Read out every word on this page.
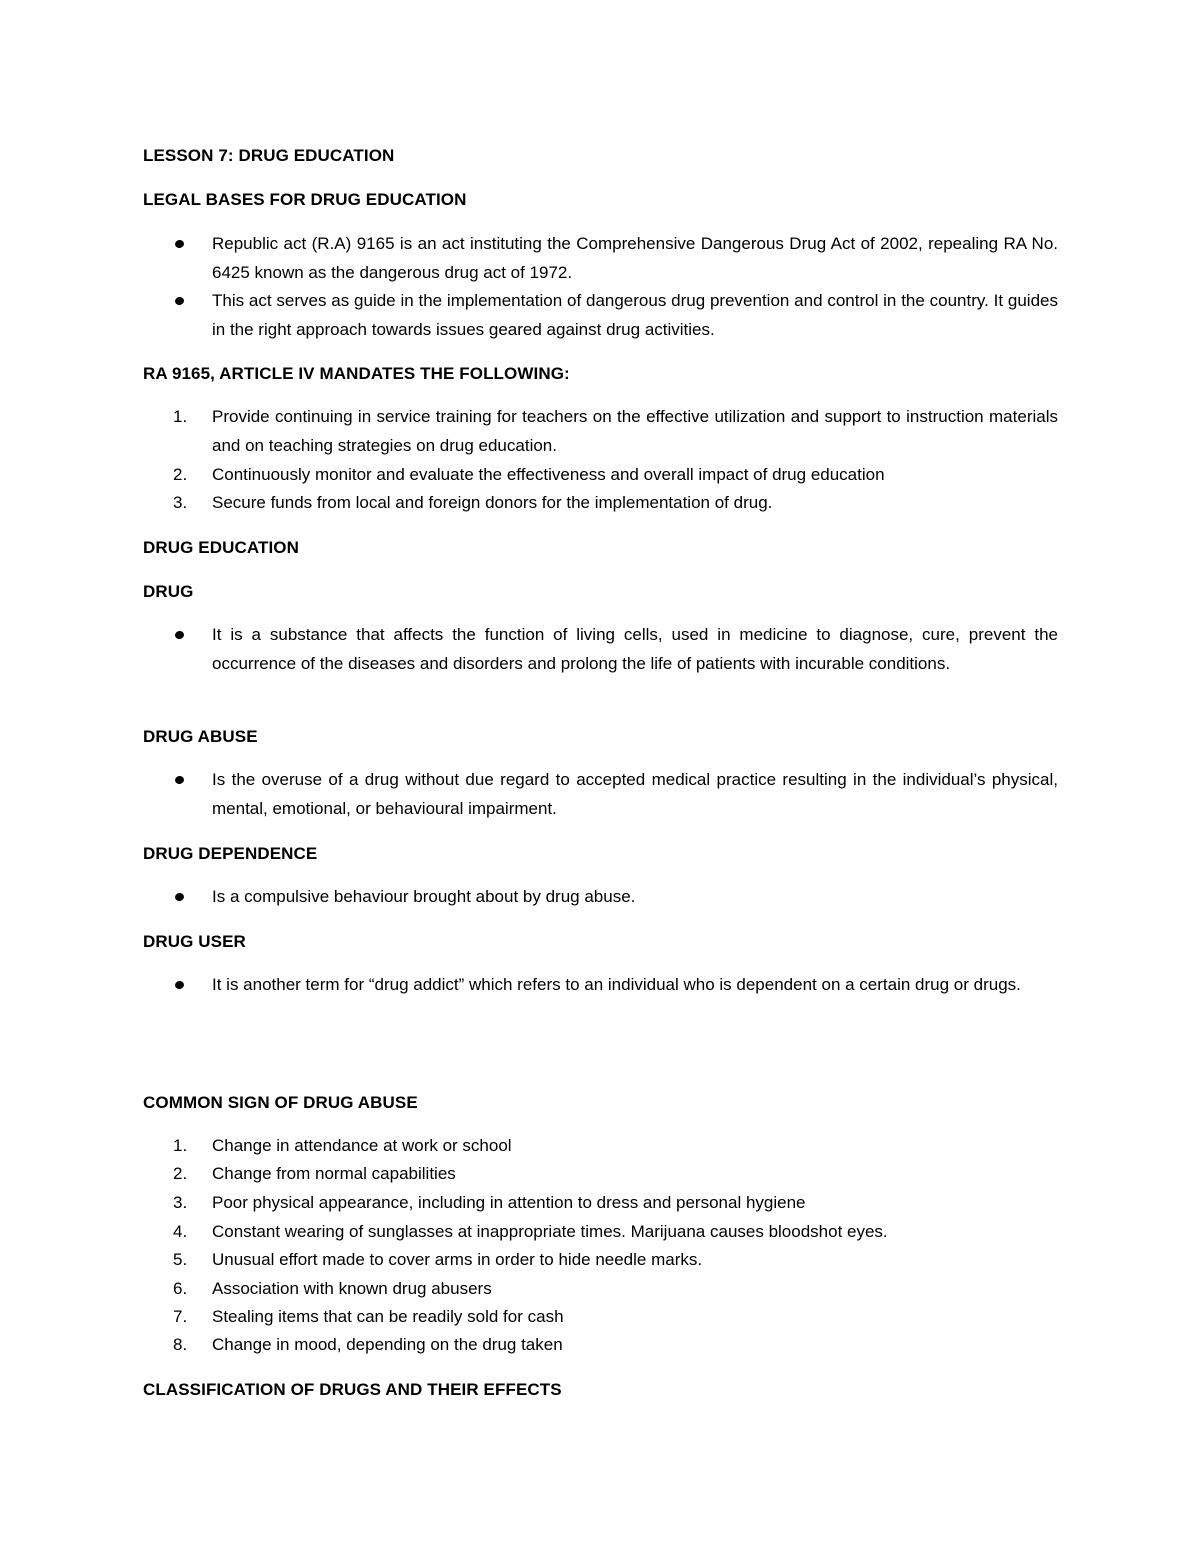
LESSON 7: DRUG EDUCATION
LEGAL BASES FOR DRUG EDUCATION
Republic act (R.A) 9165 is an act instituting the Comprehensive Dangerous Drug Act of 2002, repealing RA No. 6425 known as the dangerous drug act of 1972.
This act serves as guide in the implementation of dangerous drug prevention and control in the country. It guides in the right approach towards issues geared against drug activities.
RA 9165, ARTICLE IV MANDATES THE FOLLOWING:
1. Provide continuing in service training for teachers on the effective utilization and support to instruction materials and on teaching strategies on drug education.
2. Continuously monitor and evaluate the effectiveness and overall impact of drug education
3. Secure funds from local and foreign donors for the implementation of drug.
DRUG EDUCATION
DRUG
It is a substance that affects the function of living cells, used in medicine to diagnose, cure, prevent the occurrence of the diseases and disorders and prolong the life of patients with incurable conditions.
DRUG ABUSE
Is the overuse of a drug without due regard to accepted medical practice resulting in the individual’s physical, mental, emotional, or behavioural impairment.
DRUG DEPENDENCE
Is a compulsive behaviour brought about by drug abuse.
DRUG USER
It is another term for “drug addict” which refers to an individual who is dependent on a certain drug or drugs.
COMMON SIGN OF DRUG ABUSE
1. Change in attendance at work or school
2. Change from normal capabilities
3. Poor physical appearance, including in attention to dress and personal hygiene
4. Constant wearing of sunglasses at inappropriate times. Marijuana causes bloodshot eyes.
5. Unusual effort made to cover arms in order to hide needle marks.
6. Association with known drug abusers
7. Stealing items that can be readily sold for cash
8. Change in mood, depending on the drug taken
CLASSIFICATION OF DRUGS AND THEIR EFFECTS
